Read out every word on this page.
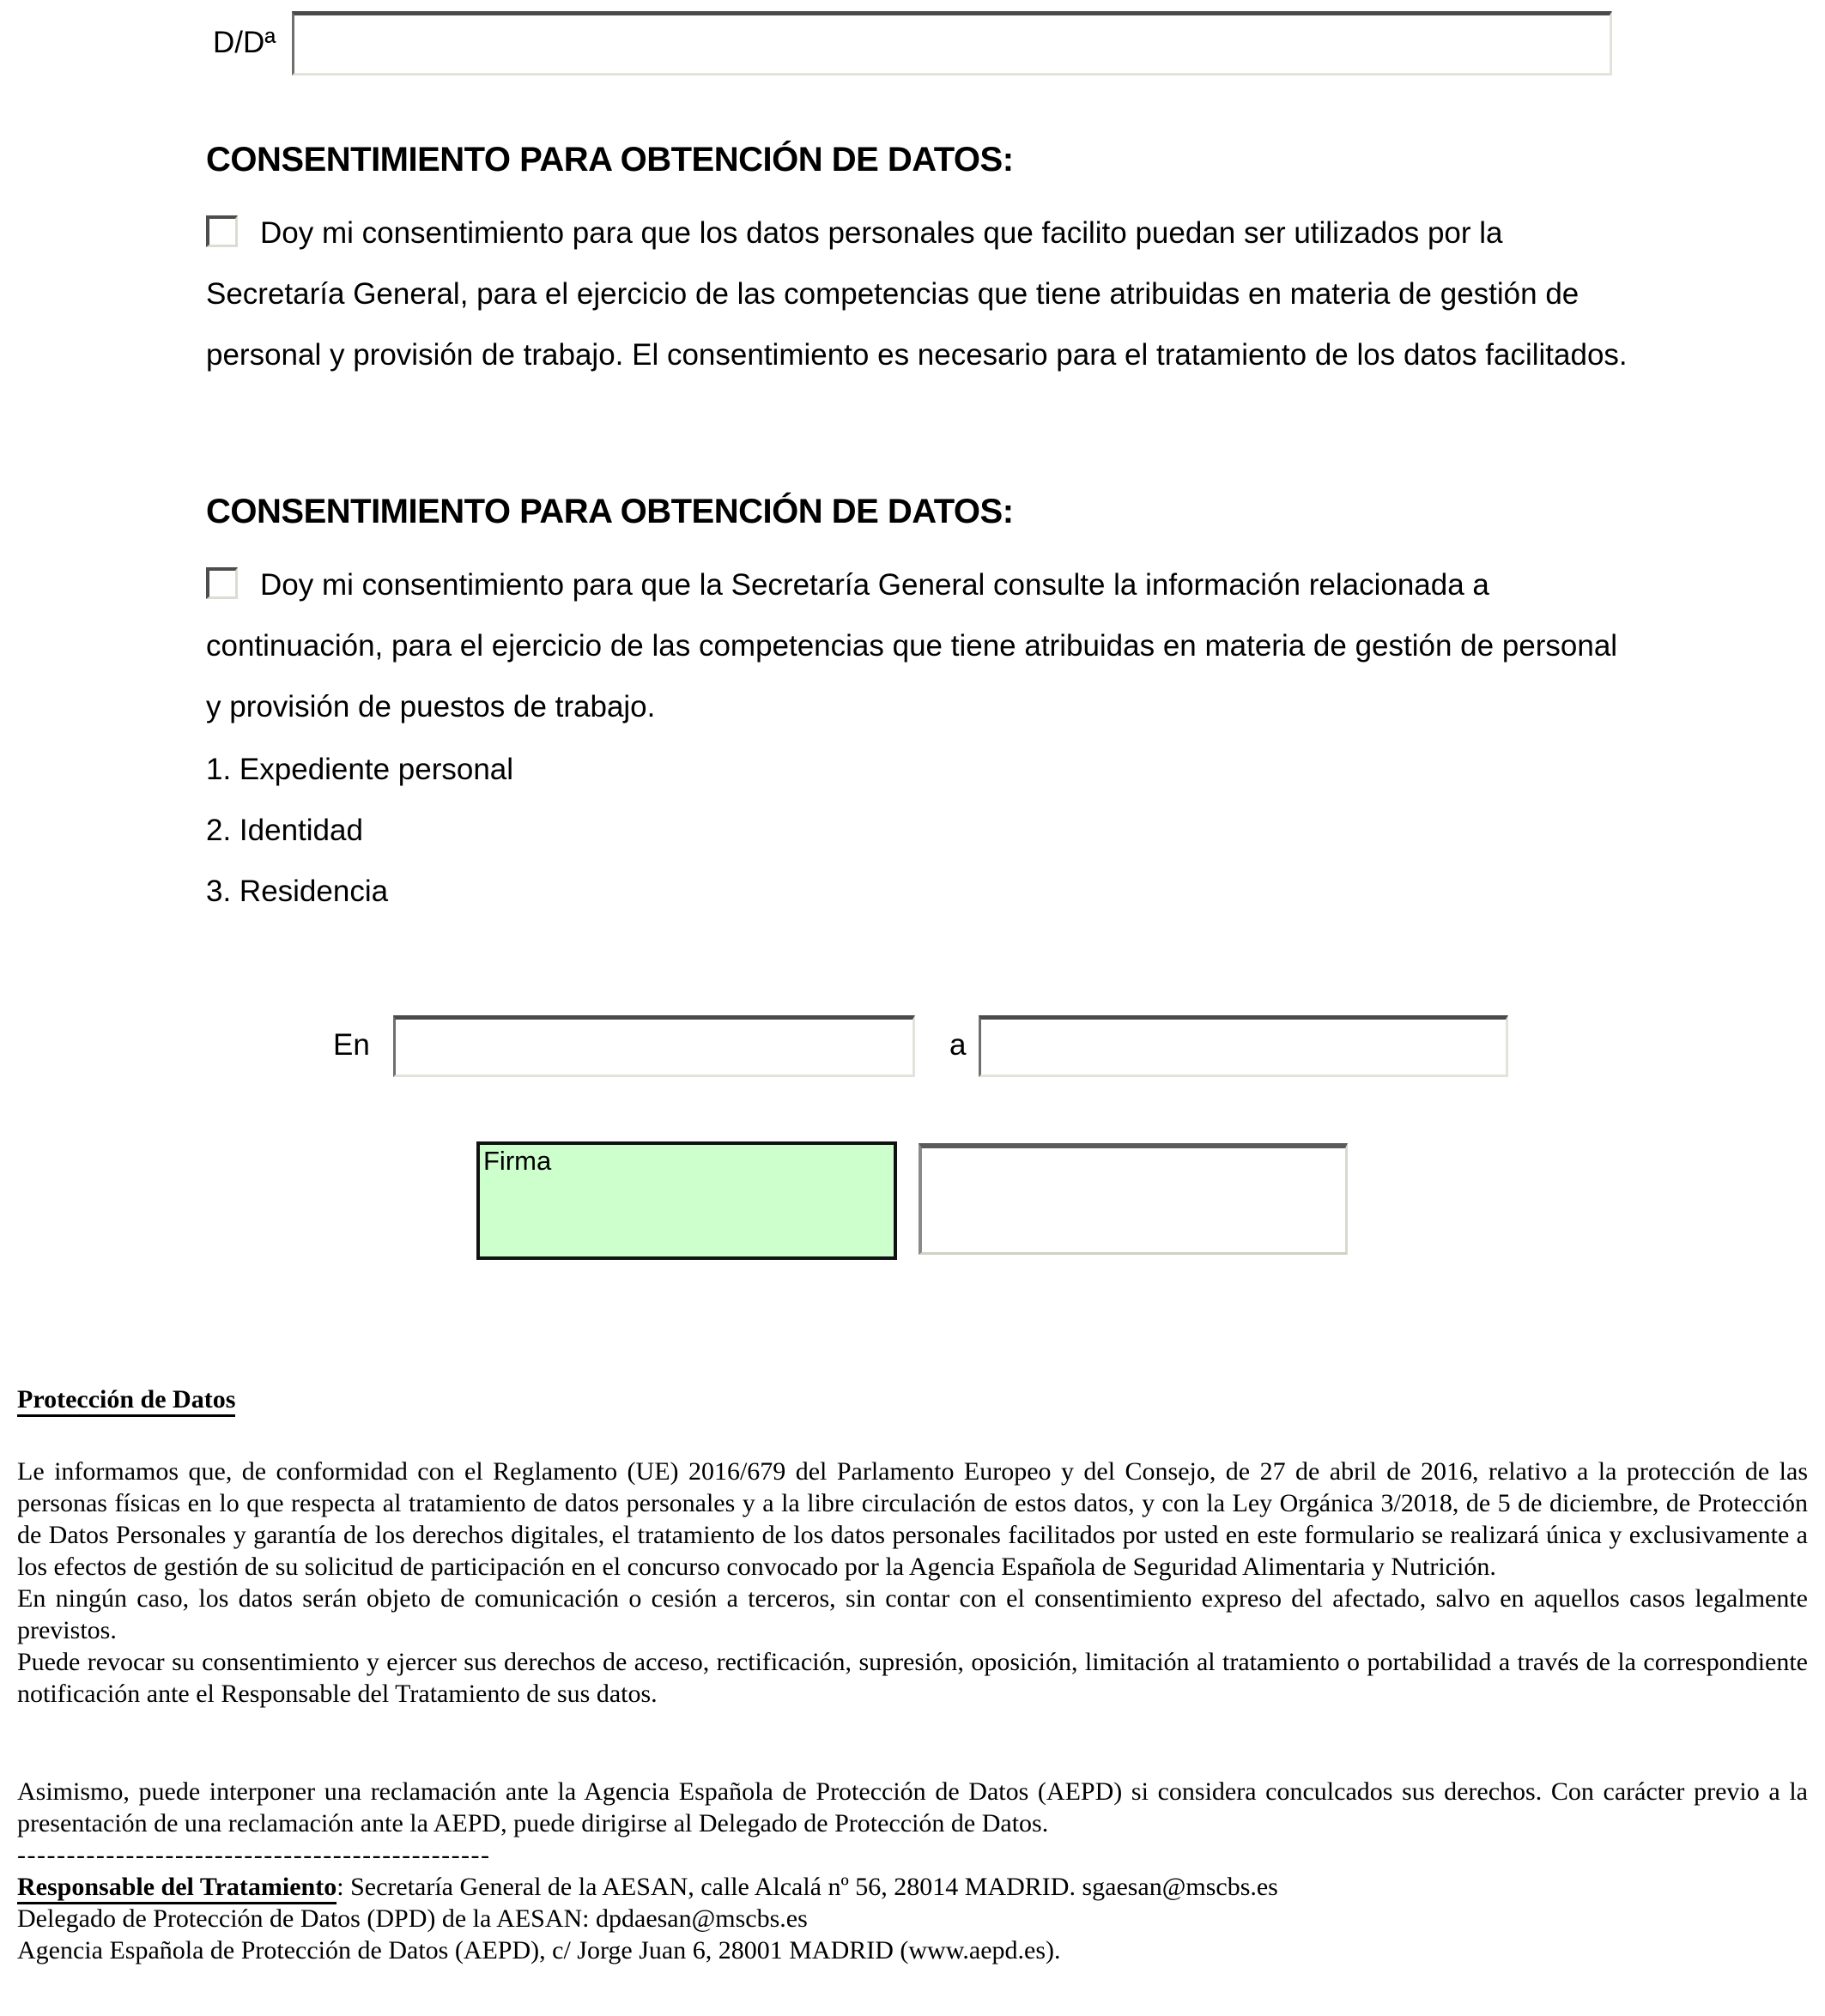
D/Dª
CONSENTIMIENTO PARA OBTENCIÓN DE DATOS:
Doy mi consentimiento para que los datos personales que facilito puedan ser utilizados por la Secretaría General, para el ejercicio de las competencias que tiene atribuidas en materia de gestión de personal y provisión de trabajo. El consentimiento es necesario para el tratamiento de los datos facilitados.
CONSENTIMIENTO PARA OBTENCIÓN DE DATOS:
Doy mi consentimiento para que la Secretaría General consulte la información relacionada a continuación, para el ejercicio de las competencias que tiene atribuidas en materia de gestión de personal y provisión de puestos de trabajo.
1. Expediente personal
2. Identidad
3. Residencia
En	a
Firma
Protección de Datos

Le informamos que, de conformidad con el Reglamento (UE) 2016/679 del Parlamento Europeo y del Consejo, de 27 de abril de 2016, relativo a la protección de las personas físicas en lo que respecta al tratamiento de datos personales y a la libre circulación de estos datos, y con la Ley Orgánica 3/2018, de 5 de diciembre, de Protección de Datos Personales y garantía de los derechos digitales, el tratamiento de los datos personales facilitados por usted en este formulario se realizará única y exclusivamente a los efectos de gestión de su solicitud de participación en el concurso convocado por la Agencia Española de Seguridad Alimentaria y Nutrición.

En ningún caso, los datos serán objeto de comunicación o cesión a terceros, sin contar con el consentimiento expreso del afectado, salvo en aquellos casos legalmente previstos.

Puede revocar su consentimiento y ejercer sus derechos de acceso, rectificación, supresión, oposición, limitación al tratamiento o portabilidad a través de la correspondiente notificación ante el Responsable del Tratamiento de sus datos.

Asimismo, puede interponer una reclamación ante la Agencia Española de Protección de Datos (AEPD) si considera conculcados sus derechos. Con carácter previo a la presentación de una reclamación ante la AEPD, puede dirigirse al Delegado de Protección de Datos.

------------------------------------------------

Responsable del Tratamiento: Secretaría General de la AESAN, calle Alcalá nº 56, 28014 MADRID. sgaesan@mscbs.es

Delegado de Protección de Datos (DPD) de la AESAN: dpdaesan@mscbs.es

Agencia Española de Protección de Datos (AEPD), c/ Jorge Juan 6, 28001 MADRID (www.aepd.es).
